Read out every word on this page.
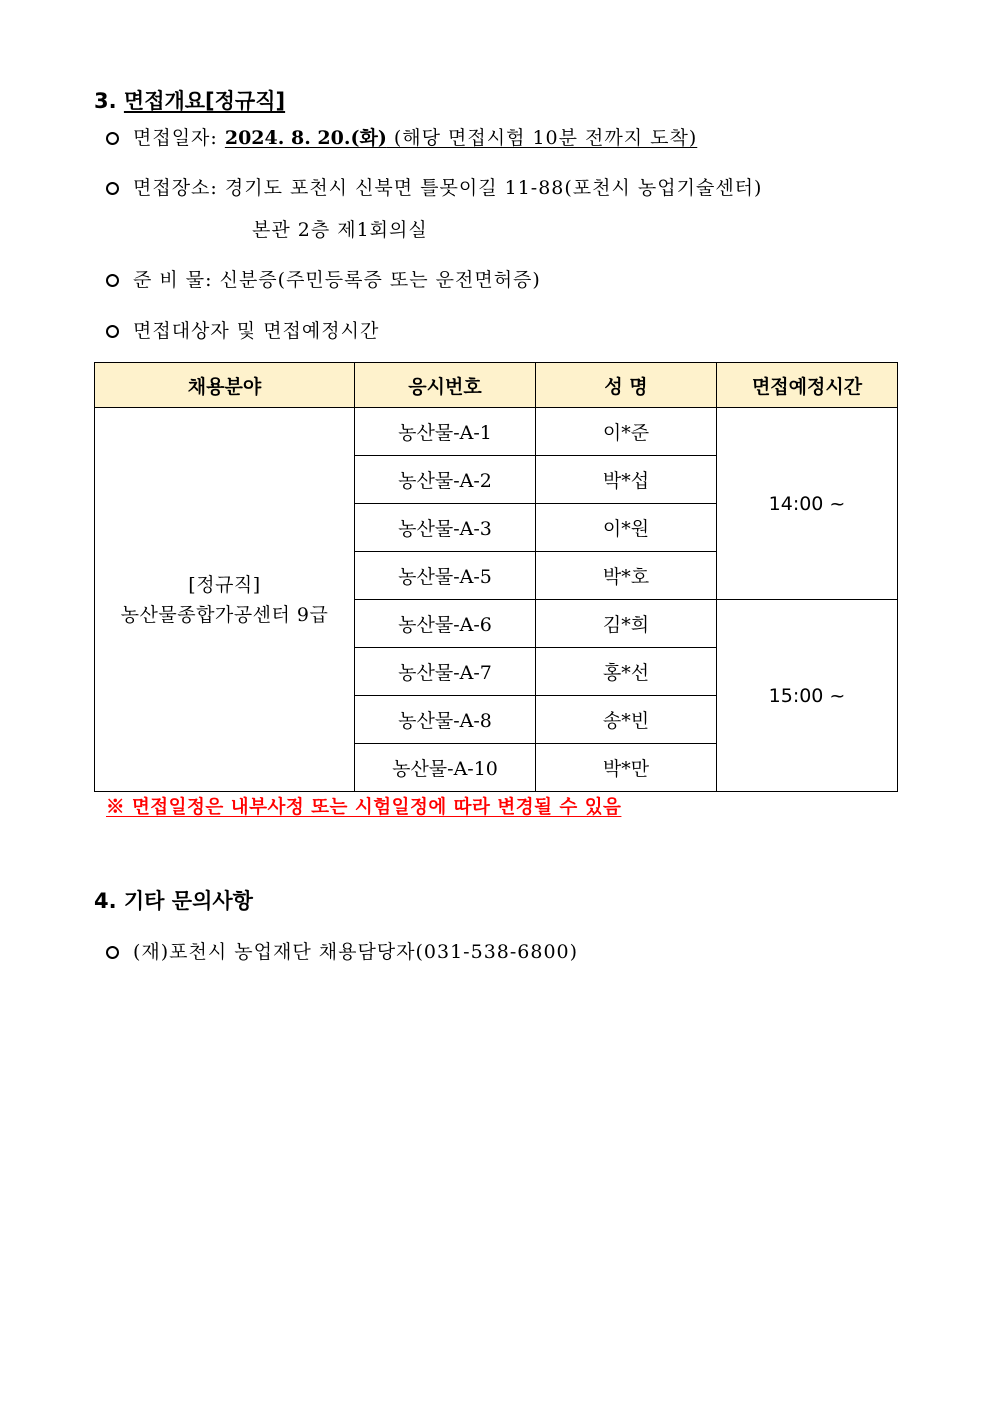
3. 면접개요[정규직]
면접일자: 2024. 8. 20.(화) (해당 면접시험 10분 전까지 도착)
면접장소: 경기도 포천시 신북면 틀못이길 11-88(포천시 농업기술센터)
본관 2층 제1회의실
준 비 물: 신분증(주민등록증 또는 운전면허증)
면접대상자 및 면접예정시간
채용분야	응시번호	성 명	면접예정시간

[정규직]
농산물종합가공센터 9급	농산물-A-1	이*준	14:00 ~
	농산물-A-2	박*섭	
	농산물-A-3	이*원	
	농산물-A-5	박*호	
	농산물-A-6	김*희	15:00 ~
	농산물-A-7	홍*선	
	농산물-A-8	송*빈	
	농산물-A-10	박*만	
※ 면접일정은 내부사정 또는 시험일정에 따라 변경될 수 있음
4. 기타 문의사항
(재)포천시 농업재단 채용담당자(031-538-6800)
